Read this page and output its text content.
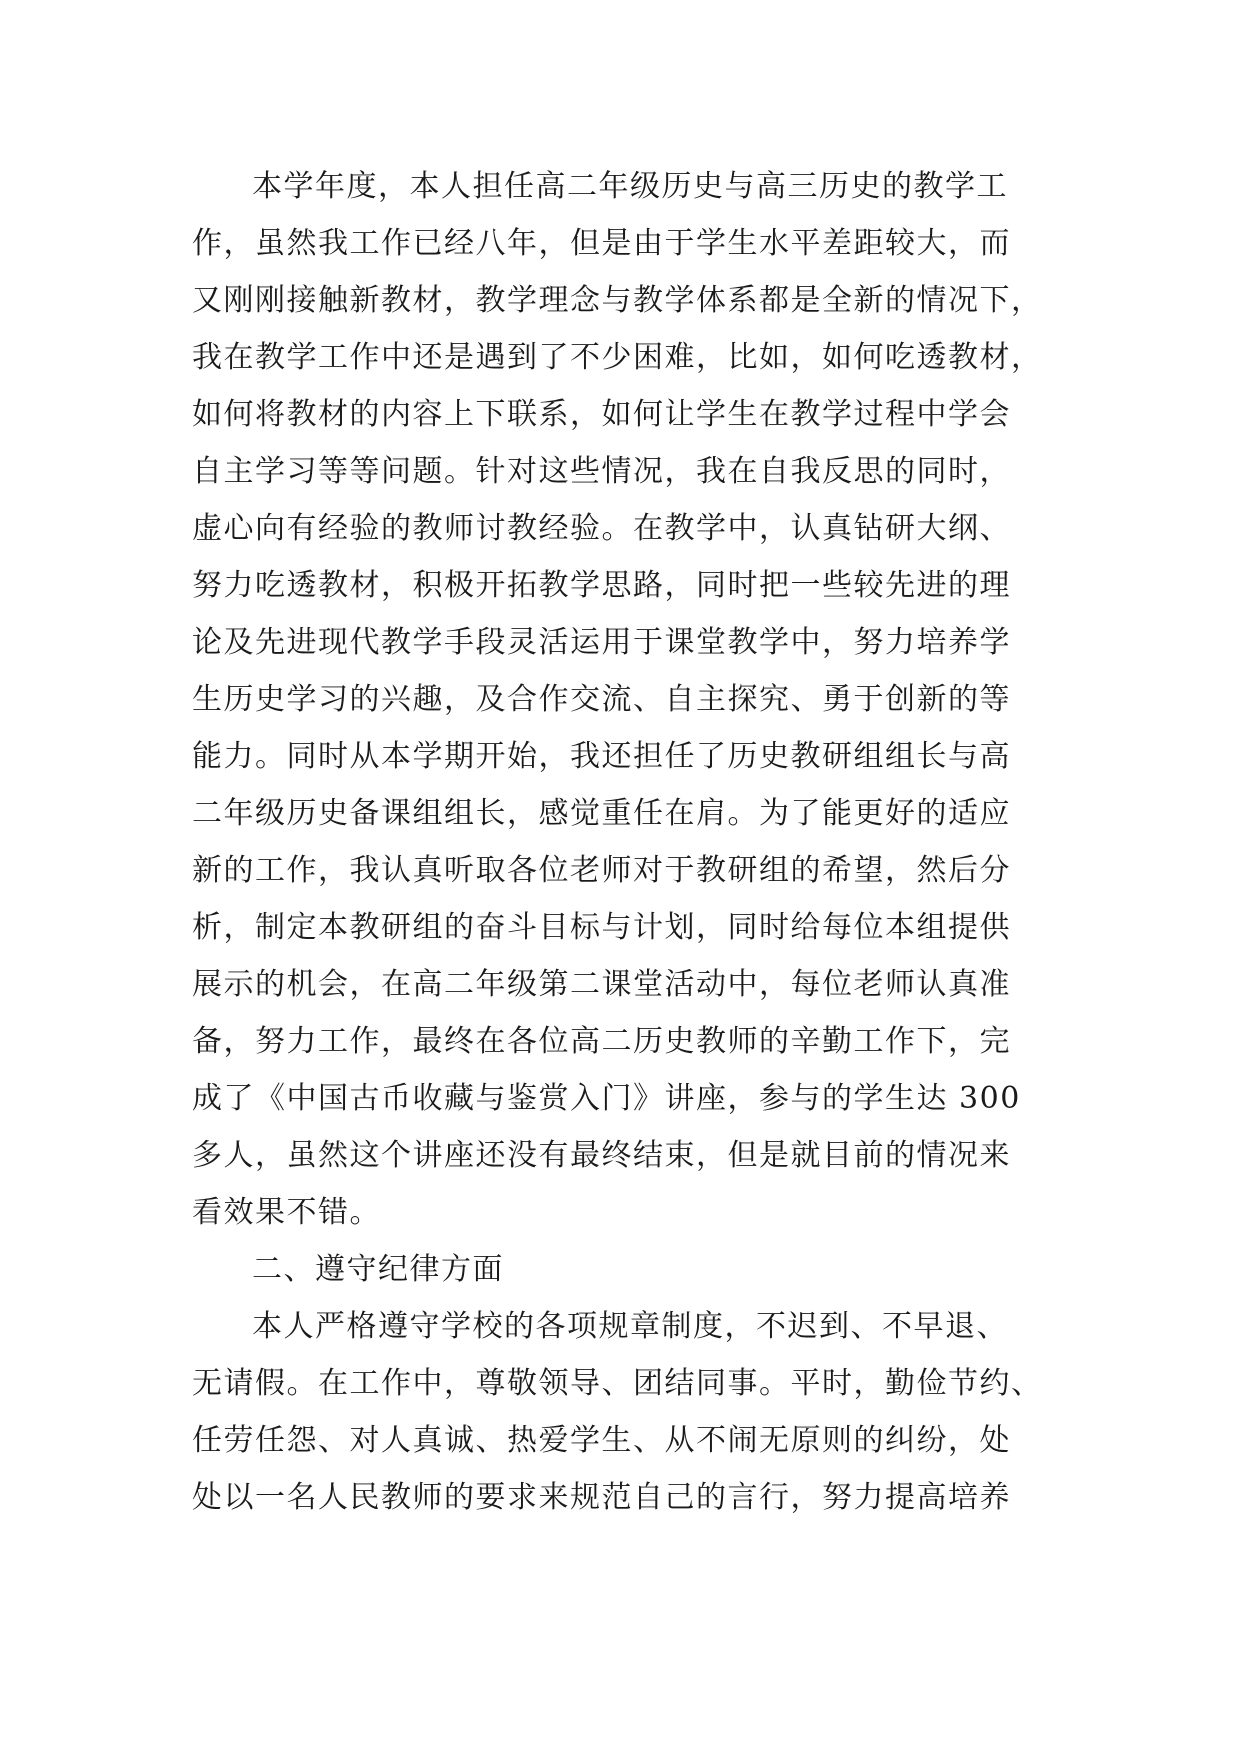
本学年度，本人担任高二年级历史与高三历史的教学工
作，虽然我工作已经八年，但是由于学生水平差距较大，而
又刚刚接触新教材，教学理念与教学体系都是全新的情况下，
我在教学工作中还是遇到了不少困难，比如，如何吃透教材，
如何将教材的内容上下联系，如何让学生在教学过程中学会
自主学习等等问题。针对这些情况，我在自我反思的同时，
虚心向有经验的教师讨教经验。在教学中，认真钻研大纲、
努力吃透教材，积极开拓教学思路，同时把一些较先进的理
论及先进现代教学手段灵活运用于课堂教学中，努力培养学
生历史学习的兴趣，及合作交流、自主探究、勇于创新的等
能力。同时从本学期开始，我还担任了历史教研组组长与高
二年级历史备课组组长，感觉重任在肩。为了能更好的适应
新的工作，我认真听取各位老师对于教研组的希望，然后分
析，制定本教研组的奋斗目标与计划，同时给每位本组提供
展示的机会，在高二年级第二课堂活动中，每位老师认真准
备，努力工作，最终在各位高二历史教师的辛勤工作下，完
成了《中国古币收藏与鉴赏入门》讲座，参与的学生达 300
多人，虽然这个讲座还没有最终结束，但是就目前的情况来
看效果不错。
二、遵守纪律方面
本人严格遵守学校的各项规章制度，不迟到、不早退、
无请假。在工作中，尊敬领导、团结同事。平时，勤俭节约、
任劳任怨、对人真诚、热爱学生、从不闹无原则的纠纷，处
处以一名人民教师的要求来规范自己的言行，努力提高培养
